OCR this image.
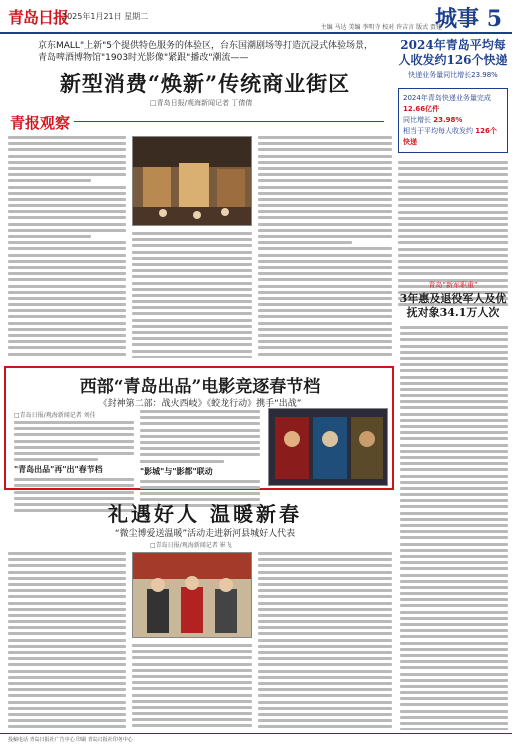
青岛日报
2025年1月21日 星期二
主编 马达 美编 李明寺 校对 许吉言 版式 贾建
城事 5
京东MALL"上新"5个提供特色服务的体验区，台东国潮剧场等打造沉浸式体验场景，青岛啤酒博物馆"1903时光影像"紧跟"播改"潮流——
新型消费“焕新”传统商业街区
□青岛日报/观海新闻记者 丁倩倩
青报观察
2024年青岛平均每人收发约126个快递
快递业务量同比增长23.98%
2024年青岛快递业务量完成 12.66亿件
同比增长 23.98%
相当于平均每人收发约 126个快递
青岛“新军职重”
3年惠及退役军人及优抚对象34.1万人次
西部“青岛出品”电影竞逐春节档
《封神第二部：战火西岐》《蛟龙行动》携手“出战”
□青岛日报/观海新闻记者 刘佳
"青岛出品"再"出"春节档	"影城"与"影都"联动
礼遇好人 温暖新春
“微尘博爱送温暖”活动走进新河县城好人代表
□青岛日报/观海新闻记者 崔飞
投稿电话 青岛日报社广告中心 印刷 青岛日报社印务中心
